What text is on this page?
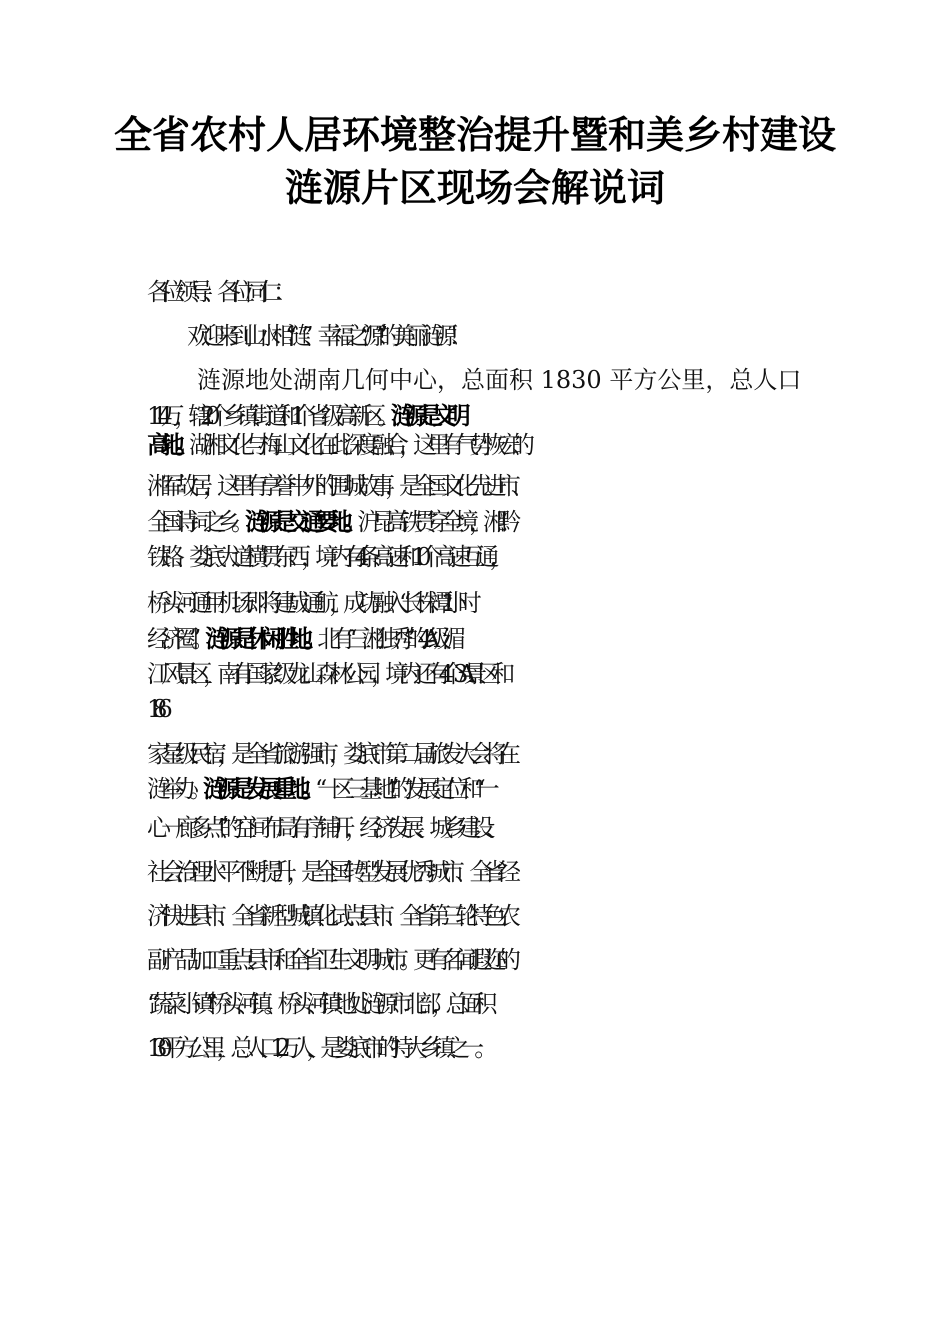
全省农村人居环境整治提升暨和美乡村建设
涟源片区现场会解说词
各位领导、各位同仁：
欢迎来到山水相“涟”、幸福之“源”的美丽涟源！
涟源地处湖南几何中心，总面积 1830 平方公里，总人口
114 万，辖 20 个乡镇街道和 1 个省级高新区。涟源是文明
高地。湖湘文化与梅山文化在此深度融合，这里有气势恢宏的
湘军故居，这里有享誉中外的围城故事，是全国文化先进市、
全国诗词之乡。涟源是交通要地。沪昆高铁贯穿全境，湘黔
铁路、娄底大道横贯东西，境内有 4 条高速和 10 个高速互通，
桥头河通用机场即将建成通航，成功融入“长株潭 1 小时
经济圈”。涟源是休闲胜地。北有“三湘独秀”的 4A 级湄
江风景区，南有国家级龙山森林公园，境内还有 4 个 3A 景区和
186
家星级民宿，是全省旅游强市，娄底市第二届旅发大会将在
涟举办。涟源是发展重地。“一区三基地”的发展定位和“一
心一廊多点”的空间布局有序铺开，经济发展、城乡建设、
社会治理水平不断提升，是全国转型发展优秀城市、全省经
济快进县市、全省新型城镇化试点县市、全省第三轮特色农
副产品加工重点县市和全省卫生文明城市。更有名闻遐迩的
“蔬菜小镇”桥头河镇。桥头河镇地处涟源市北部，总面积
130 平方公里，总人口 12 万人，是娄底市的特大乡镇之一。
